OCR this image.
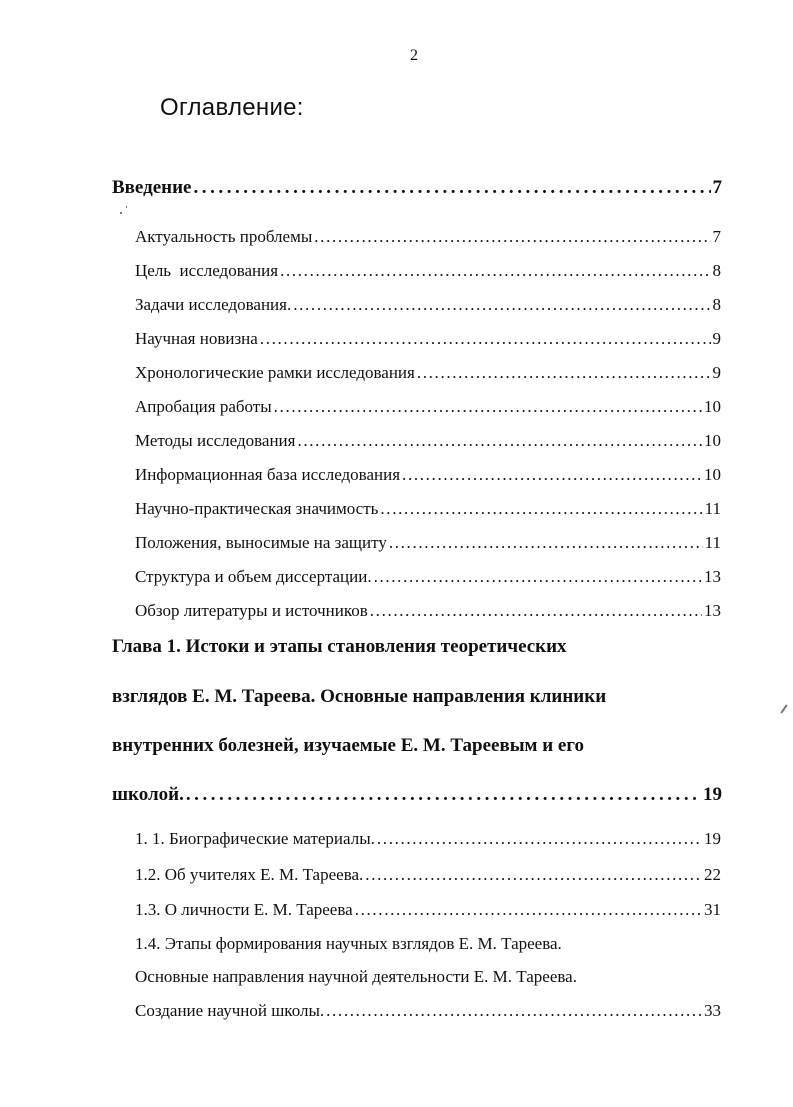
2
Оглавление:
Введение . . .	7
Актуальность проблемы . . .	7
Цель  исследования . . .	8
Задачи исследования. . . .	8
Научная новизна . . .	9
Хронологические рамки исследования . . .	9
Апробация работы . . .	10
Методы исследования . . .	10
Информационная база исследования . . .	10
Научно-практическая значимость . . .	11
Положения, выносимые на защиту . . .	11
Структура и объем диссертации. . . .	13
Обзор литературы и источников . . .	13
Глава 1. Истоки и этапы становления теоретических
взглядов Е. М. Тареева. Основные направления клиники
внутренних болезней, изучаемые Е. М. Тареевым и его
школой. . . .	19
1. 1. Биографические материалы. . . .	19
1.2. Об учителях Е. М. Тареева. . . .	22
1.3. О личности Е. М. Тареева . . .	31
1.4. Этапы формирования научных взглядов Е. М. Тареева.
Основные направления научной деятельности Е. М. Тареева.
Создание научной школы. . . .	33
